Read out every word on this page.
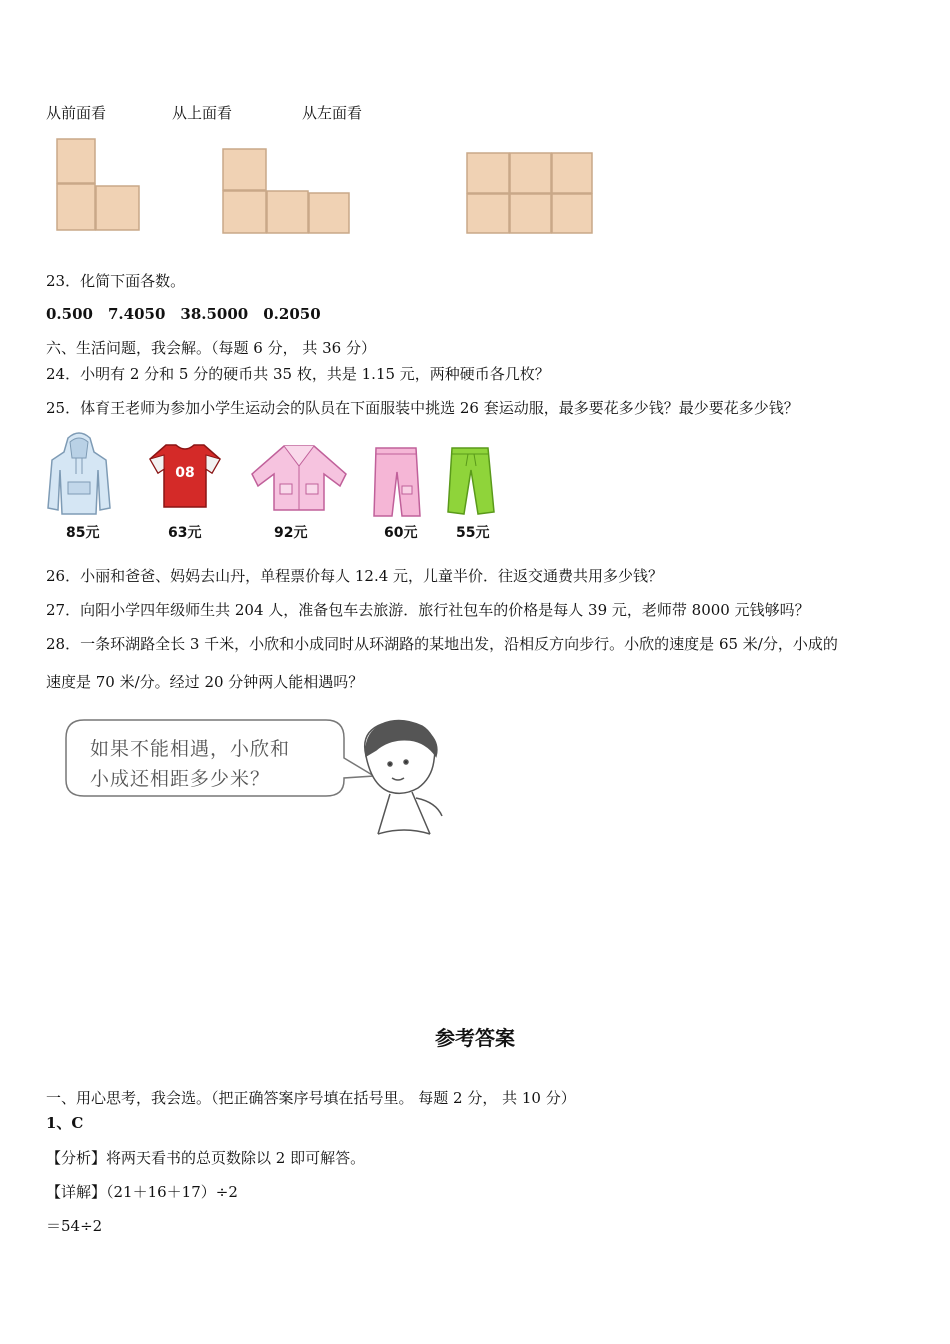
从前面看	从上面看	从左面看
23．化简下面各数。
0.500　7.4050　38.5000　0.2050
六、生活问题，我会解。（每题 6 分， 共 36 分）
24．小明有 2 分和 5 分的硬币共 35 枚，共是 1.15 元，两种硬币各几枚？
25．体育王老师为参加小学生运动会的队员在下面服装中挑选 26 套运动服，最多要花多少钱？最少要花多少钱？
08
85元	63元	92元	60元	55元
26．小丽和爸爸、妈妈去山丹，单程票价每人 12.4 元，儿童半价．往返交通费共用多少钱？
27．向阳小学四年级师生共 204 人，准备包车去旅游．旅行社包车的价格是每人 39 元，老师带 8000 元钱够吗？
28．一条环湖路全长 3 千米，小欣和小成同时从环湖路的某地出发，沿相反方向步行。小欣的速度是 65 米/分，小成的
速度是 70 米/分。经过 20 分钟两人能相遇吗？
如果不能相遇，小欣和
小成还相距多少米？
参考答案
一、用心思考，我会选。（把正确答案序号填在括号里。 每题 2 分， 共 10 分）
1、C
【分析】将两天看书的总页数除以 2 即可解答。
【详解】（21＋16＋17）÷2
＝54÷2
